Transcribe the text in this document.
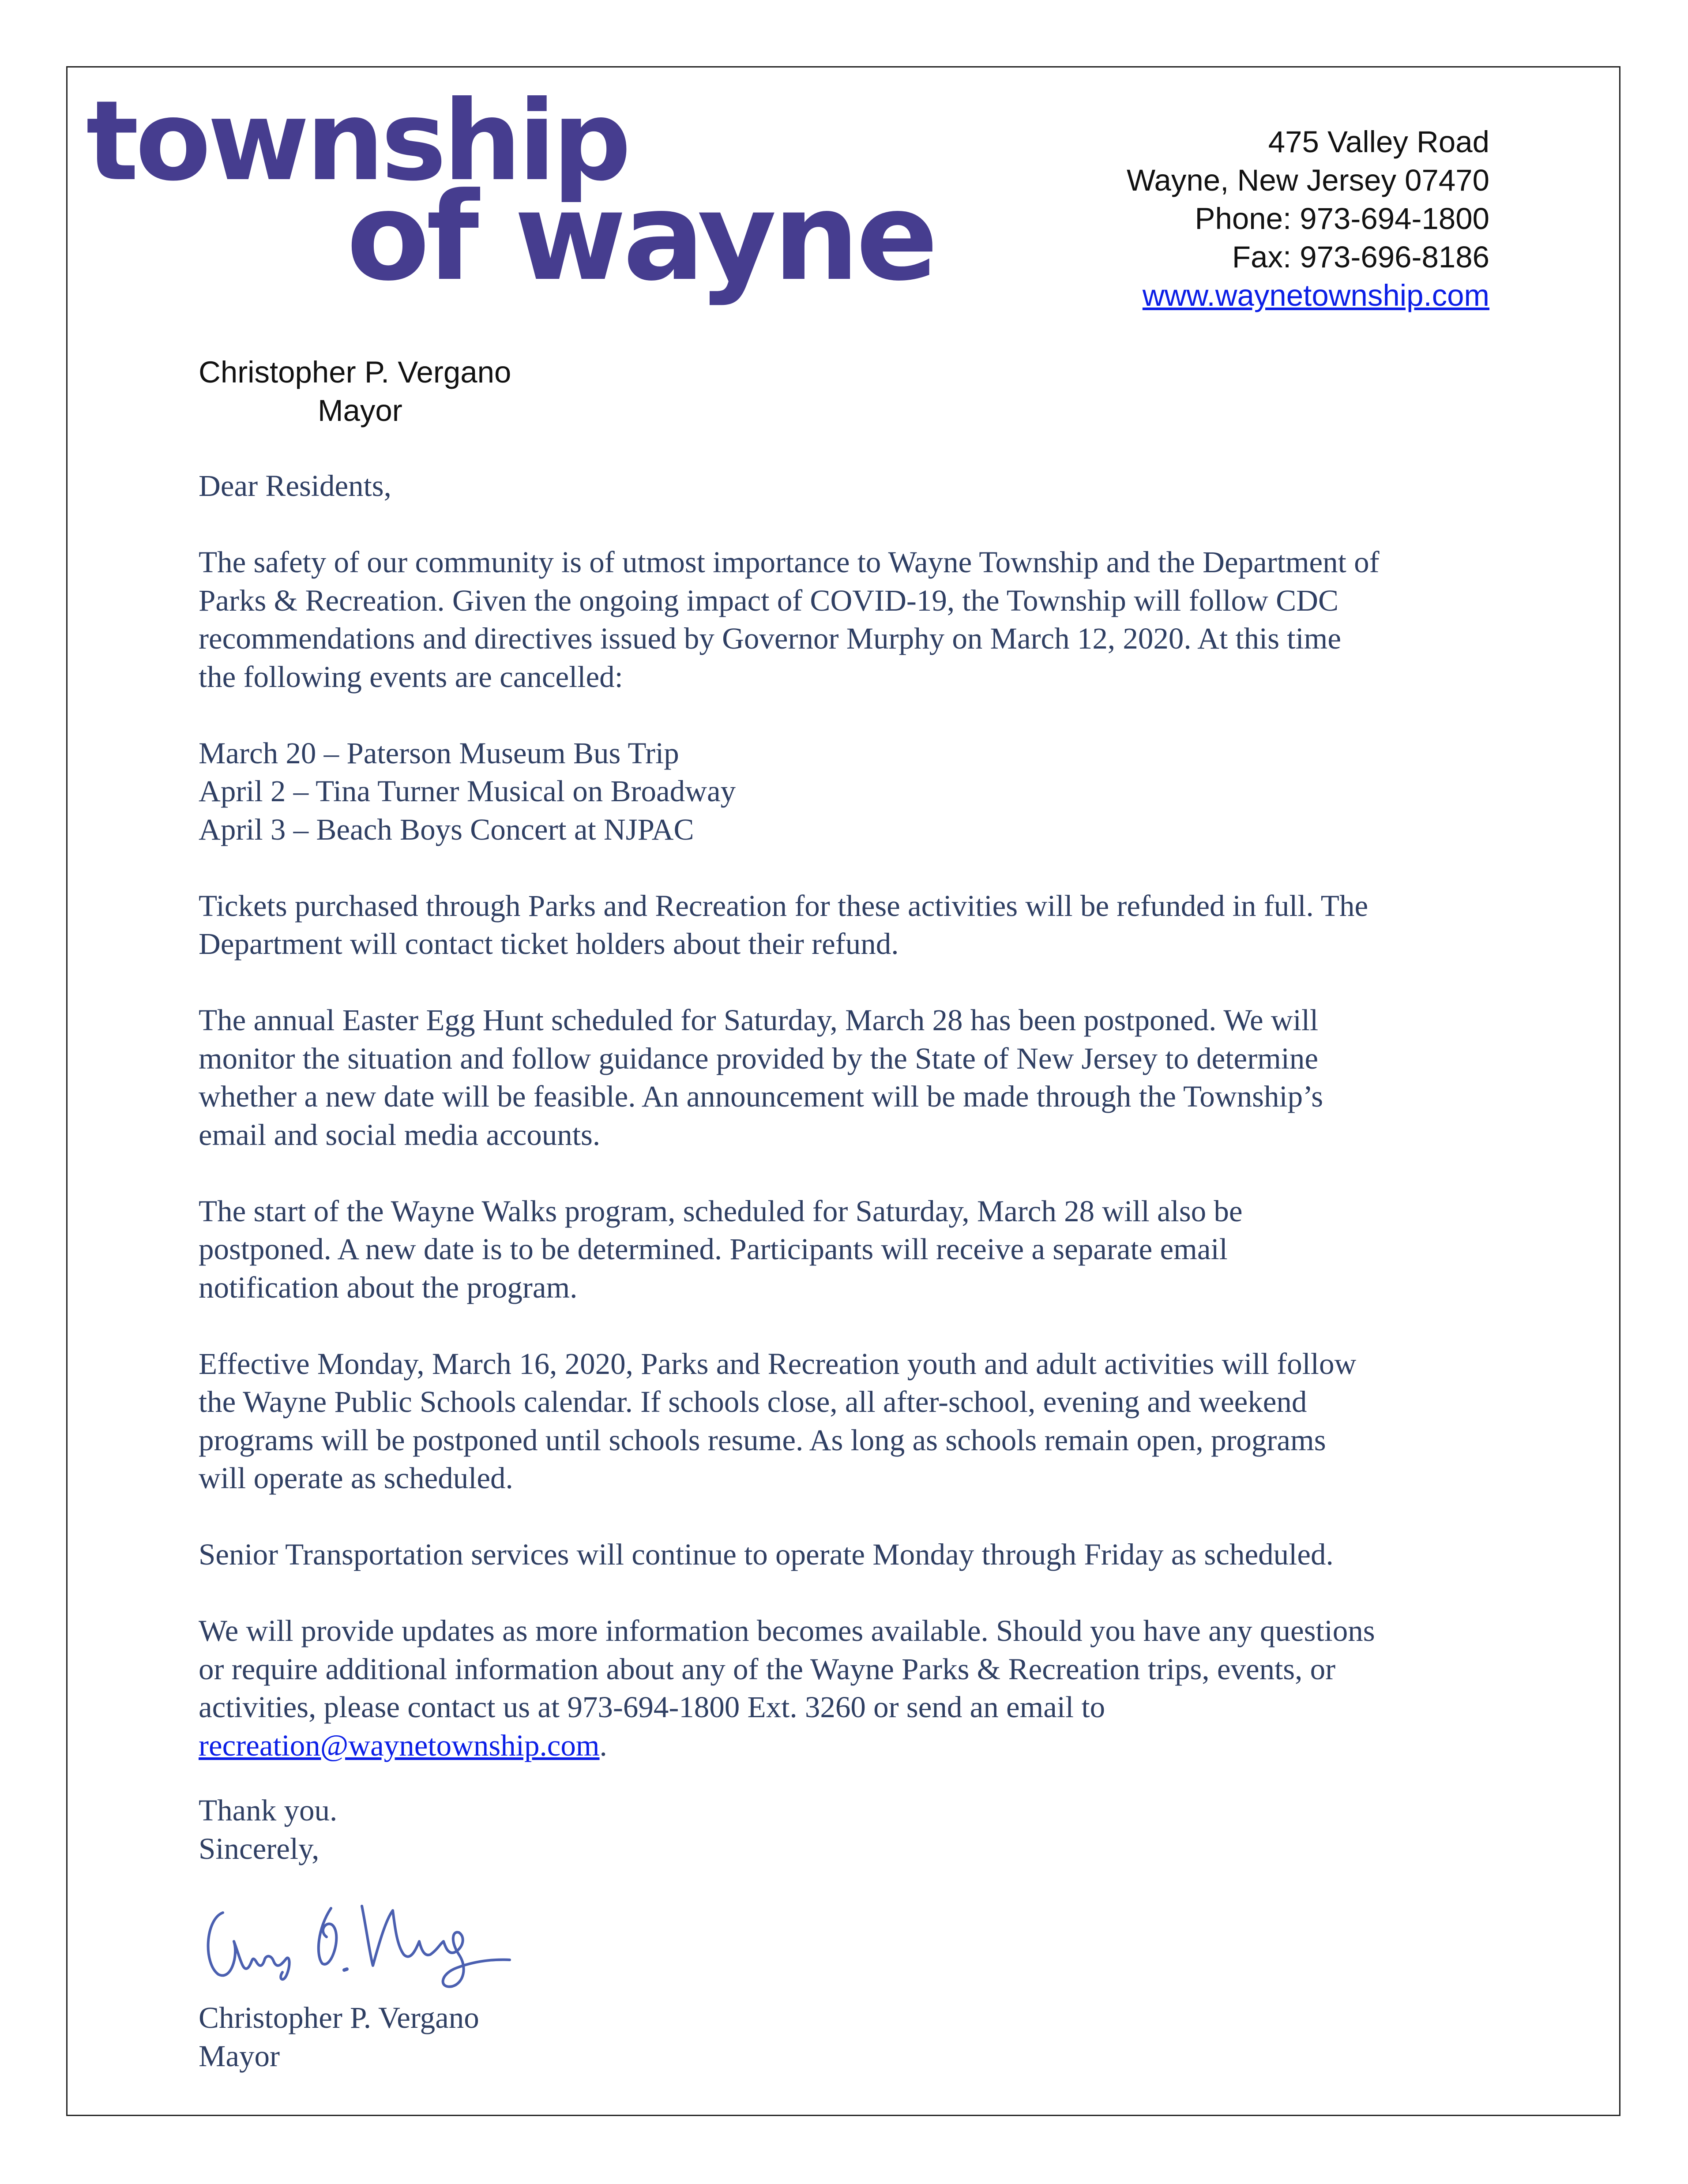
township
of wayne
475 Valley Road
Wayne, New Jersey 07470
Phone: 973-694-1800
Fax: 973-696-8186
www.waynetownship.com
Christopher P. Vergano
Mayor

Dear Residents,

The safety of our community is of utmost importance to Wayne Township and the Department of
Parks & Recreation. Given the ongoing impact of COVID-19, the Township will follow CDC
recommendations and directives issued by Governor Murphy on March 12, 2020. At this time
the following events are cancelled:

March 20 – Paterson Museum Bus Trip
April 2 – Tina Turner Musical on Broadway
April 3 – Beach Boys Concert at NJPAC

Tickets purchased through Parks and Recreation for these activities will be refunded in full. The
Department will contact ticket holders about their refund.

The annual Easter Egg Hunt scheduled for Saturday, March 28 has been postponed. We will
monitor the situation and follow guidance provided by the State of New Jersey to determine
whether a new date will be feasible. An announcement will be made through the Township’s
email and social media accounts.

The start of the Wayne Walks program, scheduled for Saturday, March 28 will also be
postponed. A new date is to be determined. Participants will receive a separate email
notification about the program.

Effective Monday, March 16, 2020, Parks and Recreation youth and adult activities will follow
the Wayne Public Schools calendar. If schools close, all after-school, evening and weekend
programs will be postponed until schools resume. As long as schools remain open, programs
will operate as scheduled.

Senior Transportation services will continue to operate Monday through Friday as scheduled.

We will provide updates as more information becomes available. Should you have any questions
or require additional information about any of the Wayne Parks & Recreation trips, events, or
activities, please contact us at 973-694-1800 Ext. 3260 or send an email to
recreation@waynetownship.com.

Thank you.
Sincerely,
Christopher P. Vergano
Mayor
